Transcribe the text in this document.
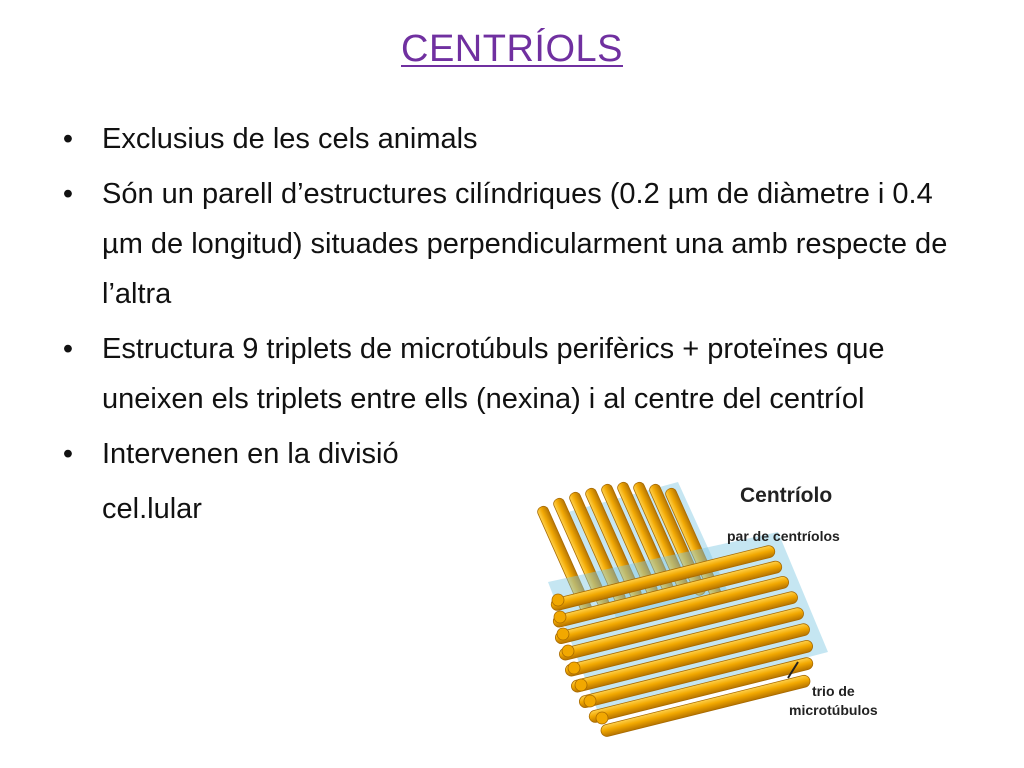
CENTRÍOLS
• Exclusius de les cels animals
• Són un parell d’estructures cilíndriques (0.2 µm de diàmetre i 0.4 µm de longitud) situades perpendicularment una amb respecte de l’altra
• Estructura 9 triplets de microtúbuls perifèrics + proteïnes que uneixen els triplets entre ells (nexina) i al centre del centríol
• Intervenen en la divisió
cel.lular	Centríolo
par de centríolos
trio de
microtúbulos
